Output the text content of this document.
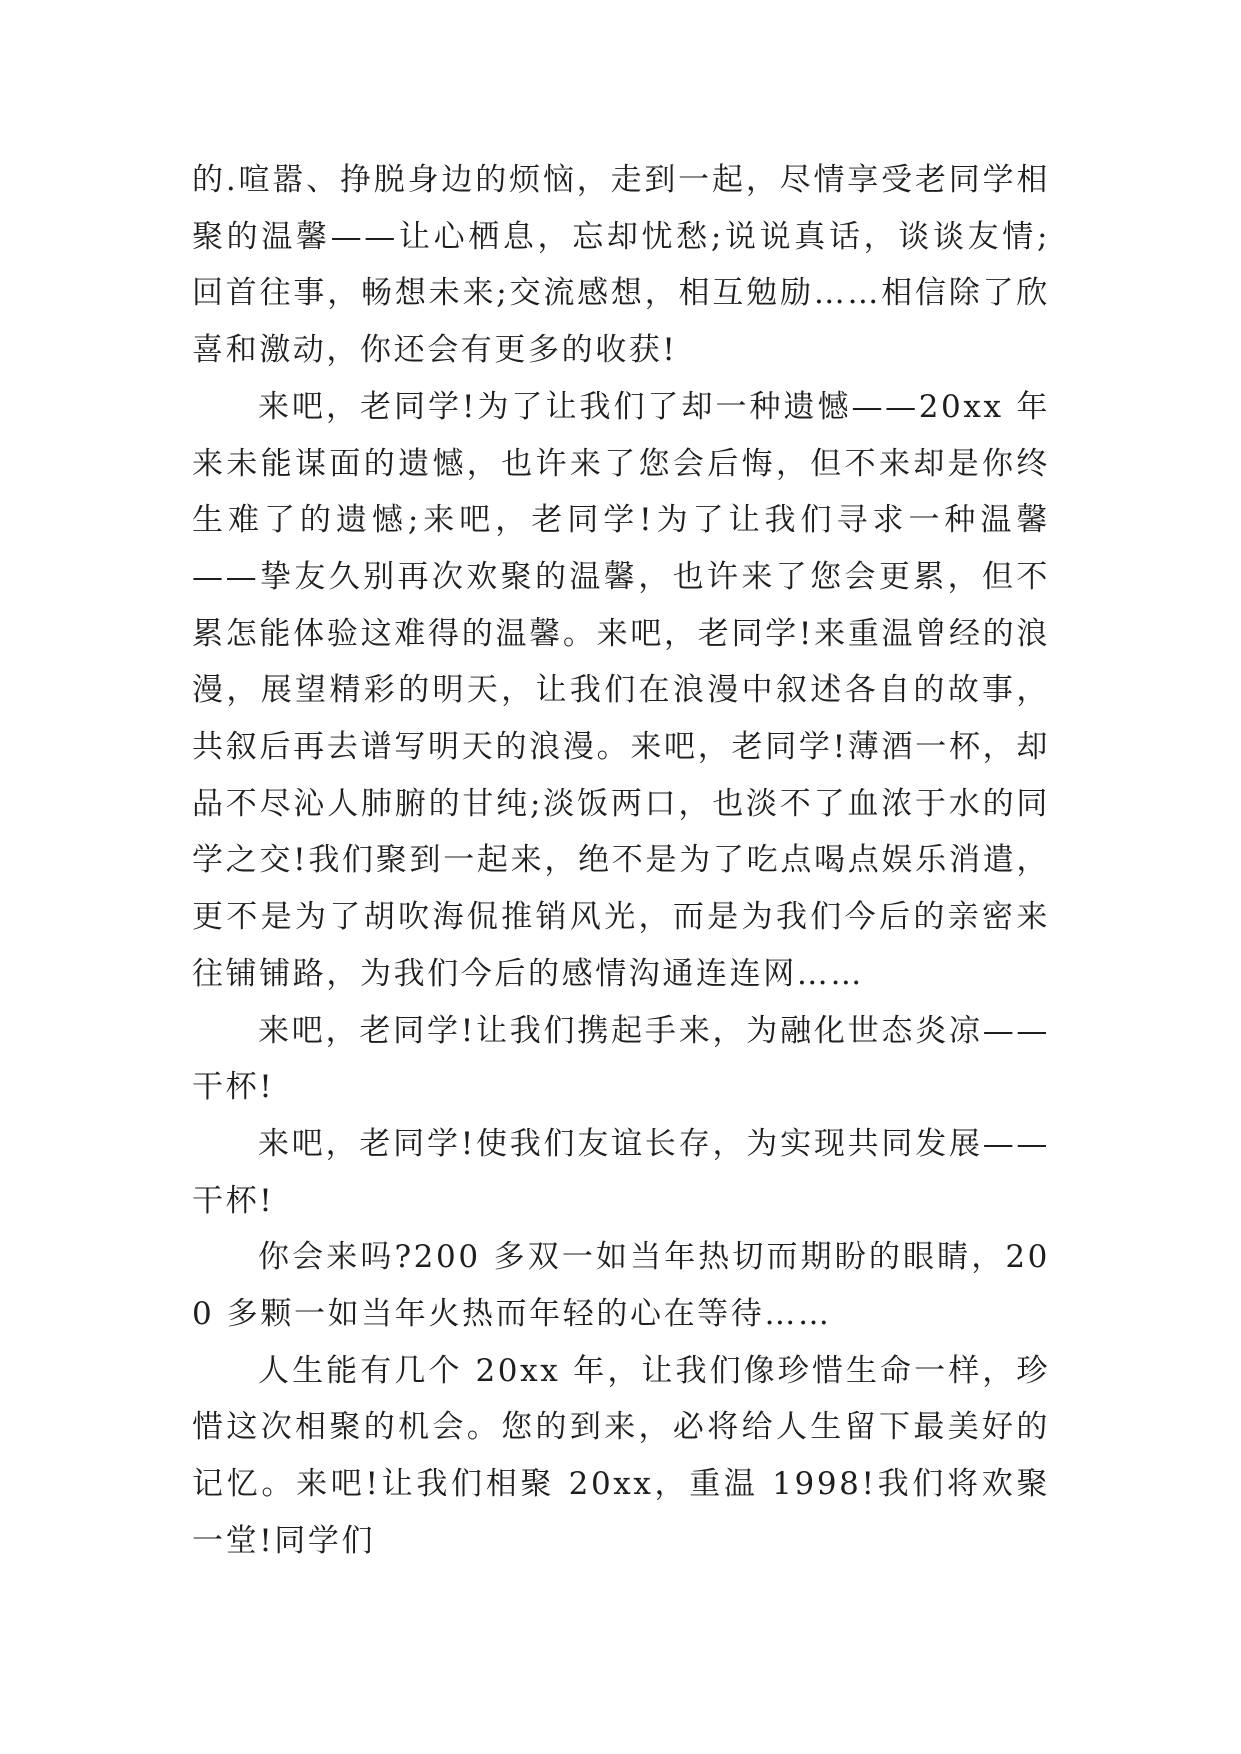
的.喧嚣、挣脱身边的烦恼，走到一起，尽情享受老同学相聚的温馨——让心栖息，忘却忧愁;说说真话，谈谈友情;回首往事，畅想未来;交流感想，相互勉励……相信除了欣喜和激动，你还会有更多的收获!

来吧，老同学!为了让我们了却一种遗憾——20xx 年来未能谋面的遗憾，也许来了您会后悔，但不来却是你终生难了的遗憾;来吧，老同学!为了让我们寻求一种温馨——挚友久别再次欢聚的温馨，也许来了您会更累，但不累怎能体验这难得的温馨。来吧，老同学!来重温曾经的浪漫，展望精彩的明天，让我们在浪漫中叙述各自的故事，共叙后再去谱写明天的浪漫。来吧，老同学!薄酒一杯，却品不尽沁人肺腑的甘纯;淡饭两口，也淡不了血浓于水的同学之交!我们聚到一起来，绝不是为了吃点喝点娱乐消遣，更不是为了胡吹海侃推销风光，而是为我们今后的亲密来往铺铺路，为我们今后的感情沟通连连网……

来吧，老同学!让我们携起手来，为融化世态炎凉——干杯!

来吧，老同学!使我们友谊长存，为实现共同发展——干杯!

你会来吗?200 多双一如当年热切而期盼的眼睛，200 多颗一如当年火热而年轻的心在等待……

人生能有几个 20xx 年，让我们像珍惜生命一样，珍惜这次相聚的机会。您的到来，必将给人生留下最美好的记忆。来吧!让我们相聚 20xx，重温 1998!我们将欢聚一堂!同学们
